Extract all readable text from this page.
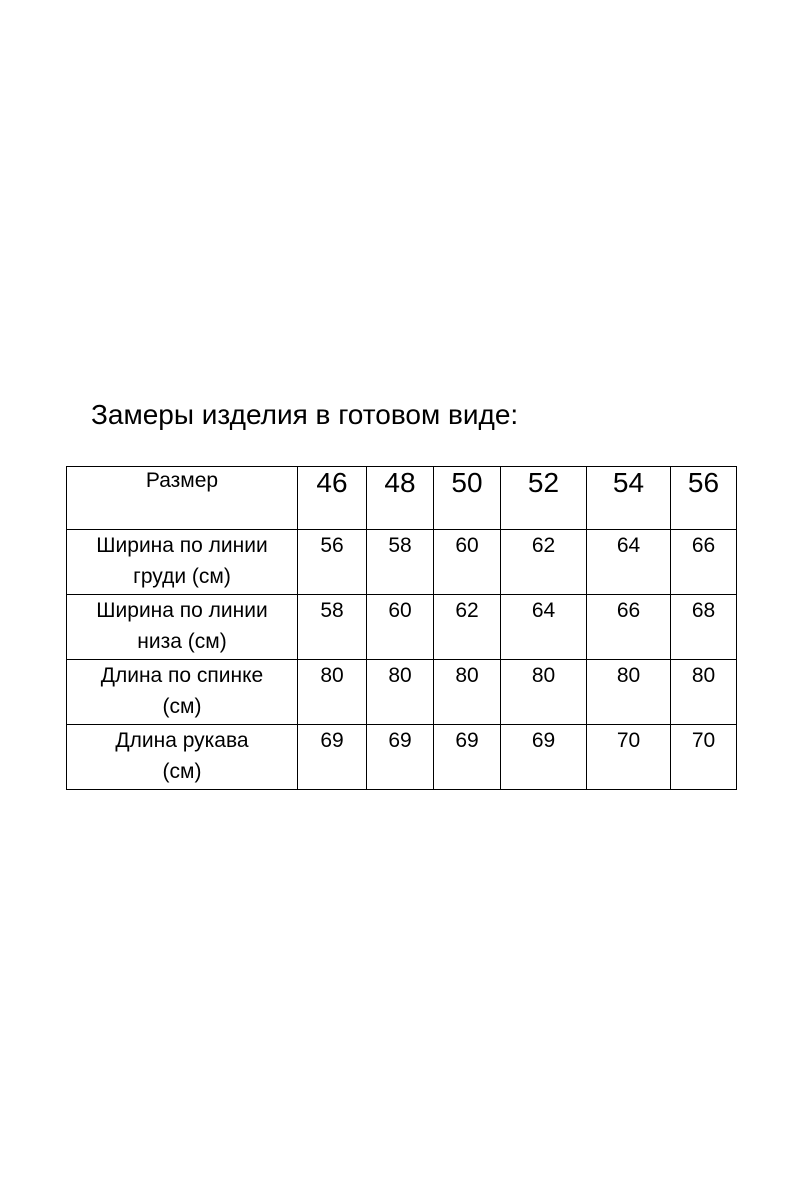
Замеры изделия в готовом виде:
Размер	46	48	50	52	54	56

Ширина по линии
груди (см)	56	58	60	62	64	66

Ширина по линии
низа (см)	58	60	62	64	66	68

Длина по спинке
(см)	80	80	80	80	80	80

Длина рукава
(см)	69	69	69	69	70	70
